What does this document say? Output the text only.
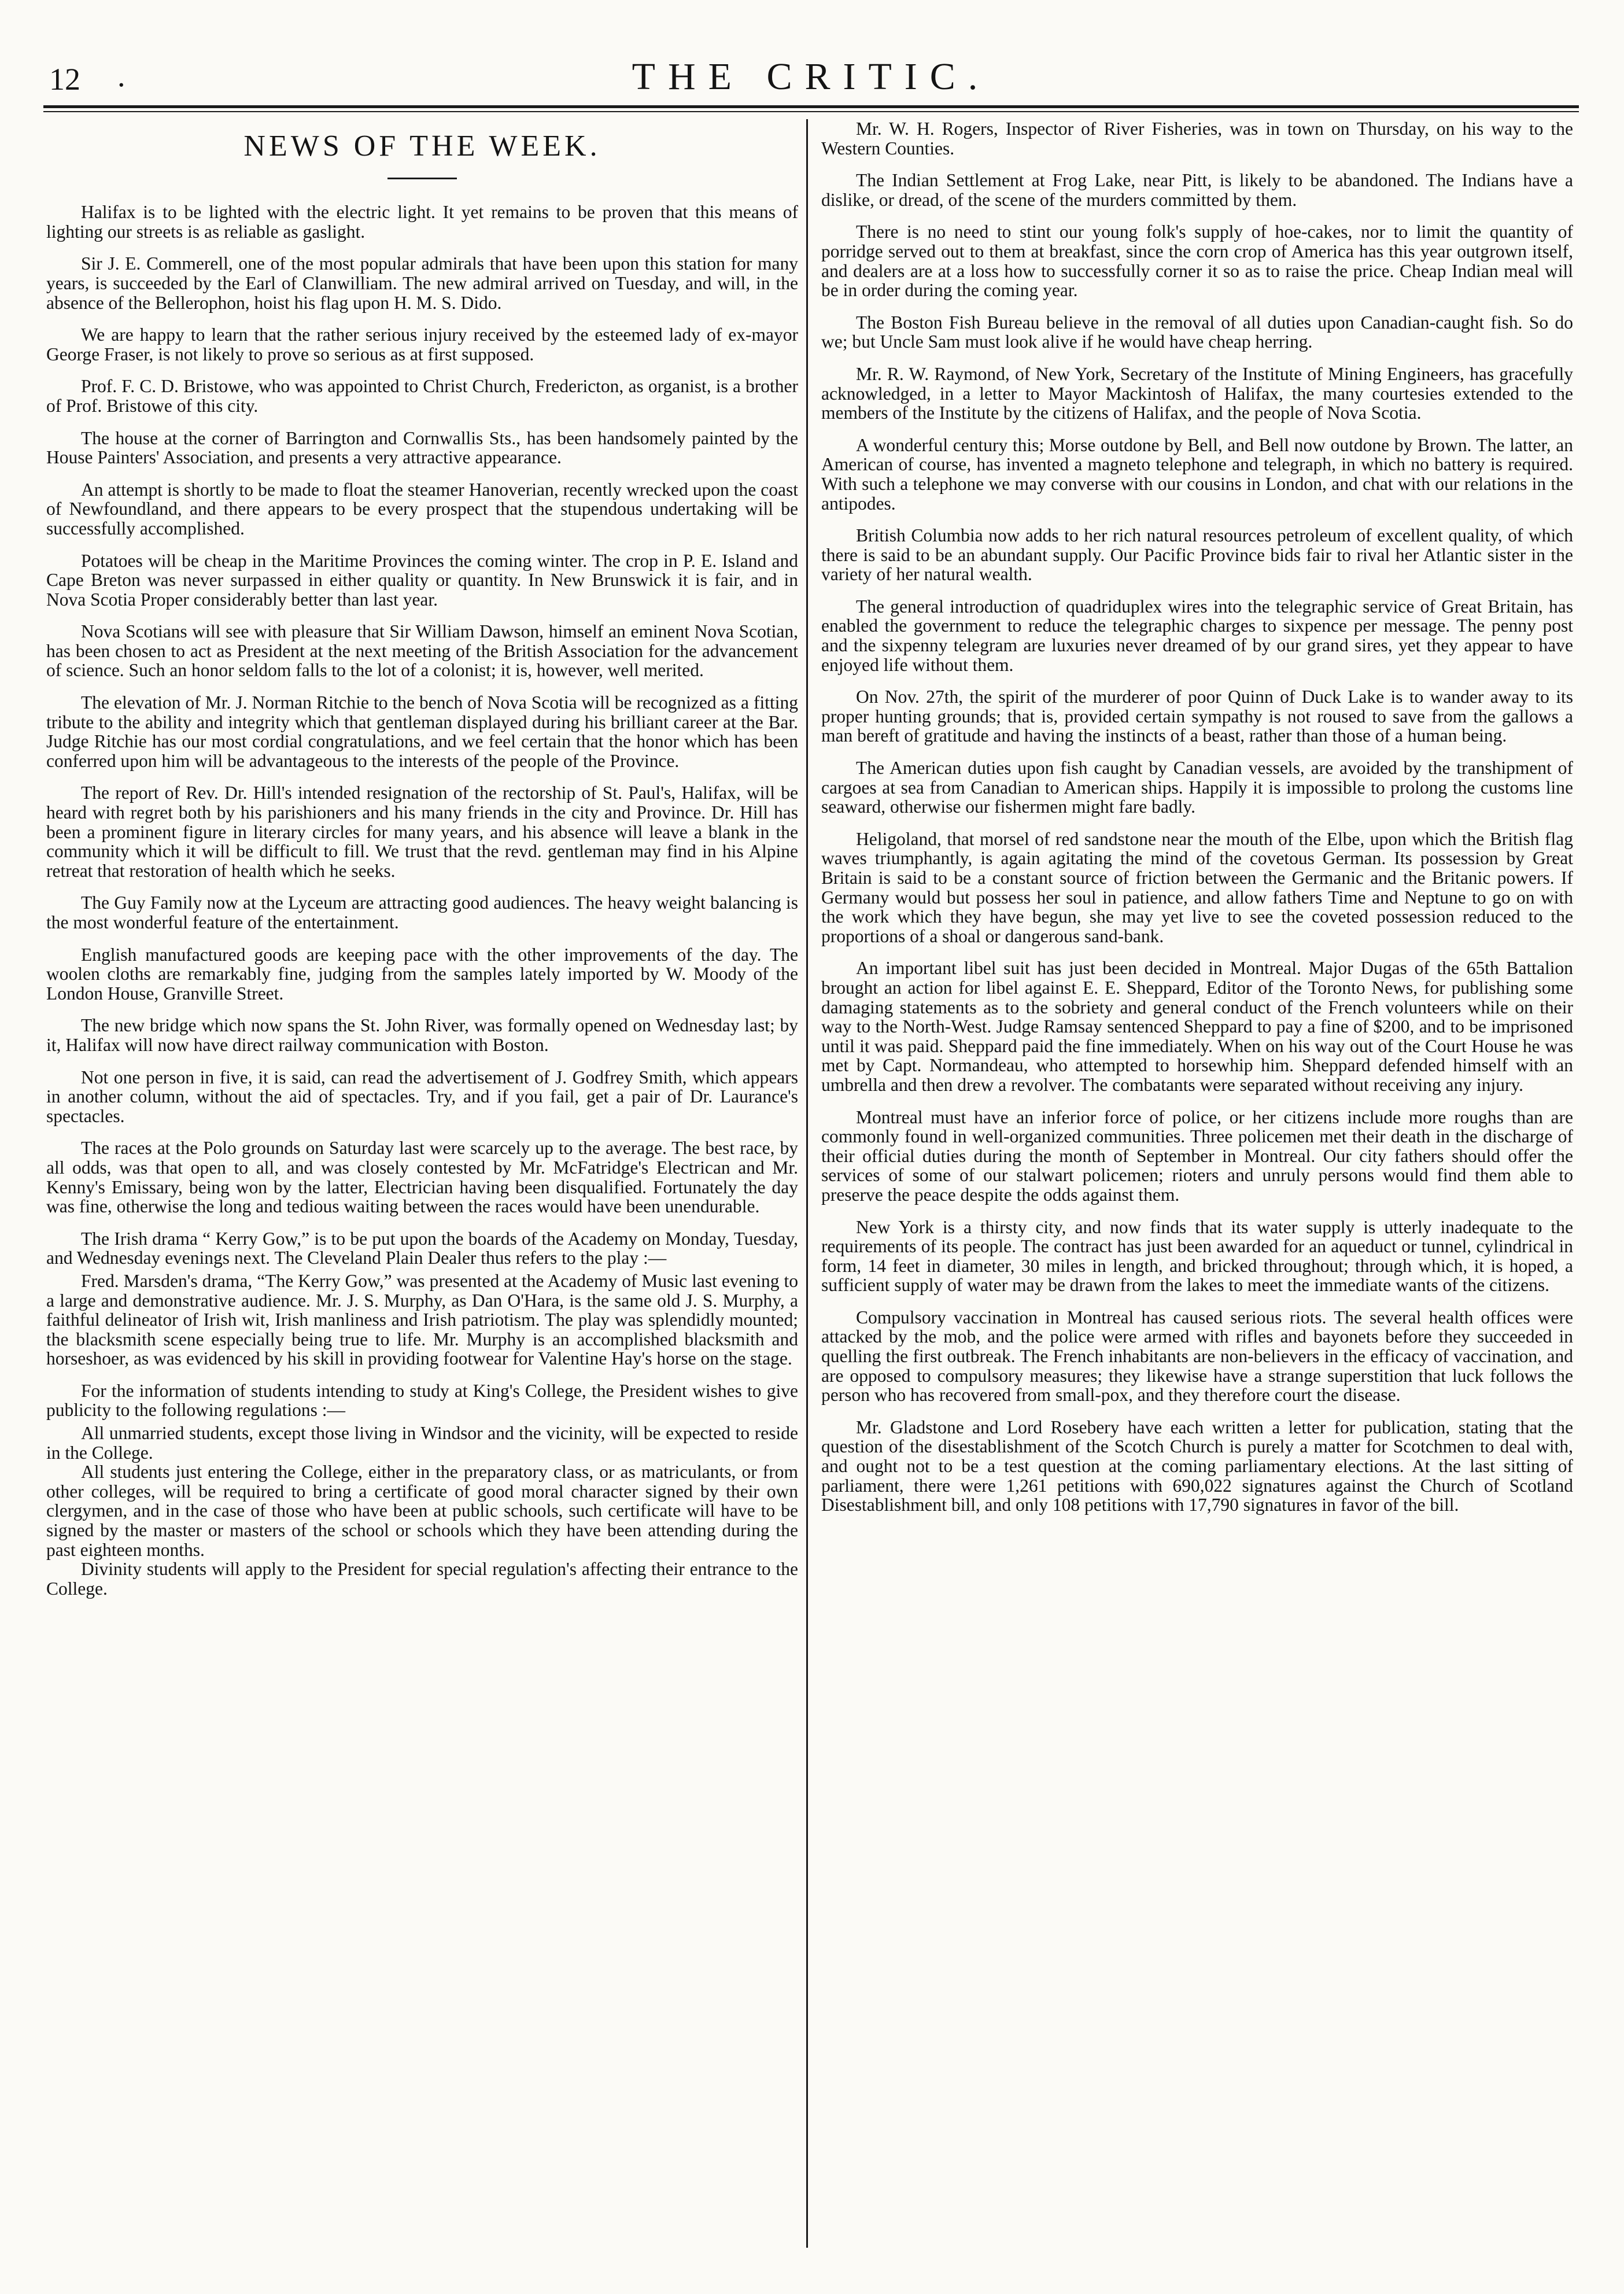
12 .	THE CRITIC.
NEWS OF THE WEEK.

Halifax is to be lighted with the electric light. It yet remains to be proven that this means of lighting our streets is as reliable as gaslight.

Sir J. E. Commerell, one of the most popular admirals that have been upon this station for many years, is succeeded by the Earl of Clanwilliam. The new admiral arrived on Tuesday, and will, in the absence of the Bellerophon, hoist his flag upon H. M. S. Dido.

We are happy to learn that the rather serious injury received by the esteemed lady of ex-mayor George Fraser, is not likely to prove so serious as at first supposed.

Prof. F. C. D. Bristowe, who was appointed to Christ Church, Fredericton, as organist, is a brother of Prof. Bristowe of this city.

The house at the corner of Barrington and Cornwallis Sts., has been handsomely painted by the House Painters' Association, and presents a very attractive appearance.

An attempt is shortly to be made to float the steamer Hanoverian, recently wrecked upon the coast of Newfoundland, and there appears to be every prospect that the stupendous undertaking will be successfully accomplished.

Potatoes will be cheap in the Maritime Provinces the coming winter. The crop in P. E. Island and Cape Breton was never surpassed in either quality or quantity. In New Brunswick it is fair, and in Nova Scotia Proper considerably better than last year.

Nova Scotians will see with pleasure that Sir William Dawson, himself an eminent Nova Scotian, has been chosen to act as President at the next meeting of the British Association for the advancement of science. Such an honor seldom falls to the lot of a colonist; it is, however, well merited.

The elevation of Mr. J. Norman Ritchie to the bench of Nova Scotia will be recognized as a fitting tribute to the ability and integrity which that gentleman displayed during his brilliant career at the Bar. Judge Ritchie has our most cordial congratulations, and we feel certain that the honor which has been conferred upon him will be advantageous to the interests of the people of the Province.

The report of Rev. Dr. Hill's intended resignation of the rectorship of St. Paul's, Halifax, will be heard with regret both by his parishioners and his many friends in the city and Province. Dr. Hill has been a prominent figure in literary circles for many years, and his absence will leave a blank in the community which it will be difficult to fill. We trust that the revd. gentleman may find in his Alpine retreat that restoration of health which he seeks.

The Guy Family now at the Lyceum are attracting good audiences. The heavy weight balancing is the most wonderful feature of the entertainment.

English manufactured goods are keeping pace with the other improvements of the day. The woolen cloths are remarkably fine, judging from the samples lately imported by W. Moody of the London House, Granville Street.

The new bridge which now spans the St. John River, was formally opened on Wednesday last; by it, Halifax will now have direct railway communication with Boston.

Not one person in five, it is said, can read the advertisement of J. Godfrey Smith, which appears in another column, without the aid of spectacles. Try, and if you fail, get a pair of Dr. Laurance's spectacles.

The races at the Polo grounds on Saturday last were scarcely up to the average. The best race, by all odds, was that open to all, and was closely contested by Mr. McFatridge's Electrican and Mr. Kenny's Emissary, being won by the latter, Electrician having been disqualified. Fortunately the day was fine, otherwise the long and tedious waiting between the races would have been unendurable.

The Irish drama “ Kerry Gow,” is to be put upon the boards of the Academy on Monday, Tuesday, and Wednesday evenings next. The Cleveland Plain Dealer thus refers to the play :—

Fred. Marsden's drama, “The Kerry Gow,” was presented at the Academy of Music last evening to a large and demonstrative audience. Mr. J. S. Murphy, as Dan O'Hara, is the same old J. S. Murphy, a faithful delineator of Irish wit, Irish manliness and Irish patriotism. The play was splendidly mounted; the blacksmith scene especially being true to life. Mr. Murphy is an accomplished blacksmith and horseshoer, as was evidenced by his skill in providing footwear for Valentine Hay's horse on the stage.

For the information of students intending to study at King's College, the President wishes to give publicity to the following regulations :—

All unmarried students, except those living in Windsor and the vicinity, will be expected to reside in the College.

All students just entering the College, either in the preparatory class, or as matriculants, or from other colleges, will be required to bring a certificate of good moral character signed by their own clergymen, and in the case of those who have been at public schools, such certificate will have to be signed by the master or masters of the school or schools which they have been attending during the past eighteen months.

Divinity students will apply to the President for special regulation's affecting their entrance to the College.

Mr. W. H. Rogers, Inspector of River Fisheries, was in town on Thursday, on his way to the Western Counties.

The Indian Settlement at Frog Lake, near Pitt, is likely to be abandoned. The Indians have a dislike, or dread, of the scene of the murders committed by them.

There is no need to stint our young folk's supply of hoe-cakes, nor to limit the quantity of porridge served out to them at breakfast, since the corn crop of America has this year outgrown itself, and dealers are at a loss how to successfully corner it so as to raise the price. Cheap Indian meal will be in order during the coming year.

The Boston Fish Bureau believe in the removal of all duties upon Canadian-caught fish. So do we; but Uncle Sam must look alive if he would have cheap herring.

Mr. R. W. Raymond, of New York, Secretary of the Institute of Mining Engineers, has gracefully acknowledged, in a letter to Mayor Mackintosh of Halifax, the many courtesies extended to the members of the Institute by the citizens of Halifax, and the people of Nova Scotia.

A wonderful century this; Morse outdone by Bell, and Bell now outdone by Brown. The latter, an American of course, has invented a magneto telephone and telegraph, in which no battery is required. With such a telephone we may converse with our cousins in London, and chat with our relations in the antipodes.

British Columbia now adds to her rich natural resources petroleum of excellent quality, of which there is said to be an abundant supply. Our Pacific Province bids fair to rival her Atlantic sister in the variety of her natural wealth.

The general introduction of quadriduplex wires into the telegraphic service of Great Britain, has enabled the government to reduce the telegraphic charges to sixpence per message. The penny post and the sixpenny telegram are luxuries never dreamed of by our grand sires, yet they appear to have enjoyed life without them.

On Nov. 27th, the spirit of the murderer of poor Quinn of Duck Lake is to wander away to its proper hunting grounds; that is, provided certain sympathy is not roused to save from the gallows a man bereft of gratitude and having the instincts of a beast, rather than those of a human being.

The American duties upon fish caught by Canadian vessels, are avoided by the transhipment of cargoes at sea from Canadian to American ships. Happily it is impossible to prolong the customs line seaward, otherwise our fishermen might fare badly.

Heligoland, that morsel of red sandstone near the mouth of the Elbe, upon which the British flag waves triumphantly, is again agitating the mind of the covetous German. Its possession by Great Britain is said to be a constant source of friction between the Germanic and the Britanic powers. If Germany would but possess her soul in patience, and allow fathers Time and Neptune to go on with the work which they have begun, she may yet live to see the coveted possession reduced to the proportions of a shoal or dangerous sand-bank.

An important libel suit has just been decided in Montreal. Major Dugas of the 65th Battalion brought an action for libel against E. E. Sheppard, Editor of the Toronto News, for publishing some damaging statements as to the sobriety and general conduct of the French volunteers while on their way to the North-West. Judge Ramsay sentenced Sheppard to pay a fine of $200, and to be imprisoned until it was paid. Sheppard paid the fine immediately. When on his way out of the Court House he was met by Capt. Normandeau, who attempted to horsewhip him. Sheppard defended himself with an umbrella and then drew a revolver. The combatants were separated without receiving any injury.

Montreal must have an inferior force of police, or her citizens include more roughs than are commonly found in well-organized communities. Three policemen met their death in the discharge of their official duties during the month of September in Montreal. Our city fathers should offer the services of some of our stalwart policemen; rioters and unruly persons would find them able to preserve the peace despite the odds against them.

New York is a thirsty city, and now finds that its water supply is utterly inadequate to the requirements of its people. The contract has just been awarded for an aqueduct or tunnel, cylindrical in form, 14 feet in diameter, 30 miles in length, and bricked throughout; through which, it is hoped, a sufficient supply of water may be drawn from the lakes to meet the immediate wants of the citizens.

Compulsory vaccination in Montreal has caused serious riots. The several health offices were attacked by the mob, and the police were armed with rifles and bayonets before they succeeded in quelling the first outbreak. The French inhabitants are non-believers in the efficacy of vaccination, and are opposed to compulsory measures; they likewise have a strange superstition that luck follows the person who has recovered from small-pox, and they therefore court the disease.

Mr. Gladstone and Lord Rosebery have each written a letter for publication, stating that the question of the disestablishment of the Scotch Church is purely a matter for Scotchmen to deal with, and ought not to be a test question at the coming parliamentary elections. At the last sitting of parliament, there were 1,261 petitions with 690,022 signatures against the Church of Scotland Disestablishment bill, and only 108 petitions with 17,790 signatures in favor of the bill.
